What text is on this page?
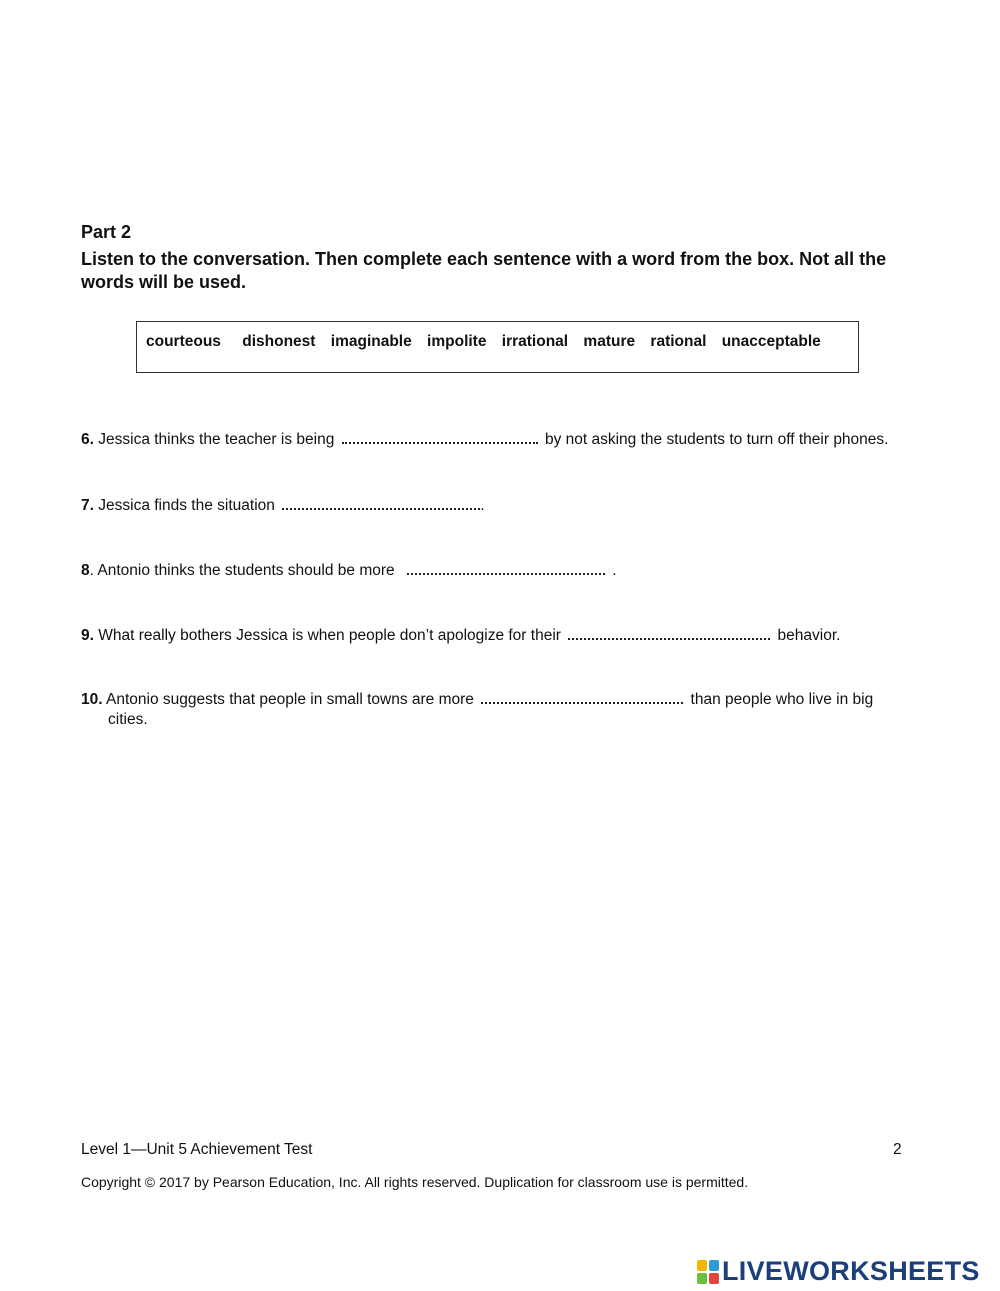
Part 2
Listen to the conversation. Then complete each sentence with a word from the box. Not all the words will be used.
courteous dishonest imaginable impolite irrational mature rational unacceptable
6. Jessica thinks the teacher is being	by not asking the students to turn off their phones.
7. Jessica finds the situation	.
8. Antonio thinks the students should be more	.
9. What really bothers Jessica is when people don’t apologize for their	behavior.
10. Antonio suggests that people in small towns are more	than people who live in big
cities.
Level 1—Unit 5 Achievement Test	2
Copyright © 2017 by Pearson Education, Inc. All rights reserved. Duplication for classroom use is permitted.
LIVEWORKSHEETS
